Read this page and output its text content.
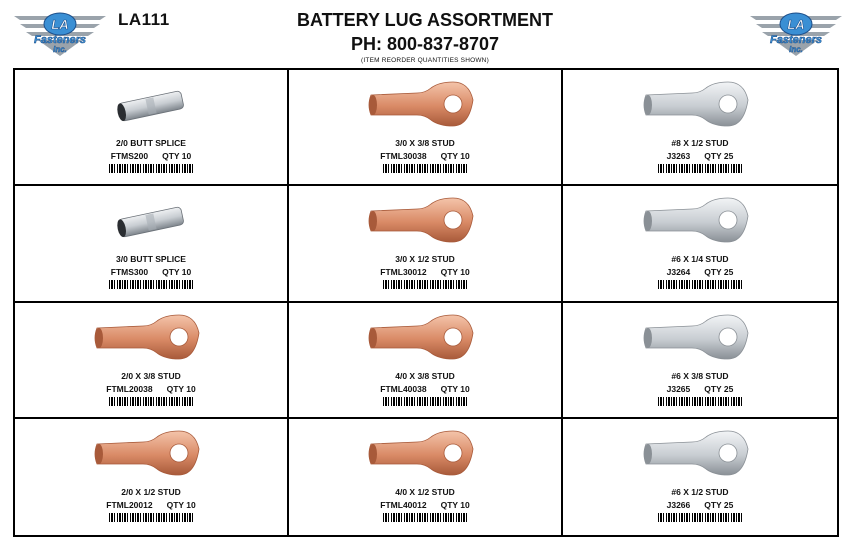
LA
Fasteners
Inc.
LA
Fasteners
Inc.
LA111	BATTERY LUG ASSORTMENT
PH: 800-837-8707
(ITEM REORDER QUANTITIES SHOWN)
2/0 BUTT SPLICE
FTMS200 QTY 10
3/0 X 3/8 STUD
FTML30038 QTY 10
#8 X 1/2 STUD
J3263 QTY 25
3/0 BUTT SPLICE
FTMS300 QTY 10
3/0 X 1/2 STUD
FTML30012 QTY 10
#6 X 1/4 STUD
J3264 QTY 25
2/0 X 3/8 STUD
FTML20038 QTY 10
4/0 X 3/8 STUD
FTML40038 QTY 10
#6 X 3/8 STUD
J3265 QTY 25
2/0 X 1/2 STUD
FTML20012 QTY 10
4/0 X 1/2 STUD
FTML40012 QTY 10
#6 X 1/2 STUD
J3266 QTY 25
